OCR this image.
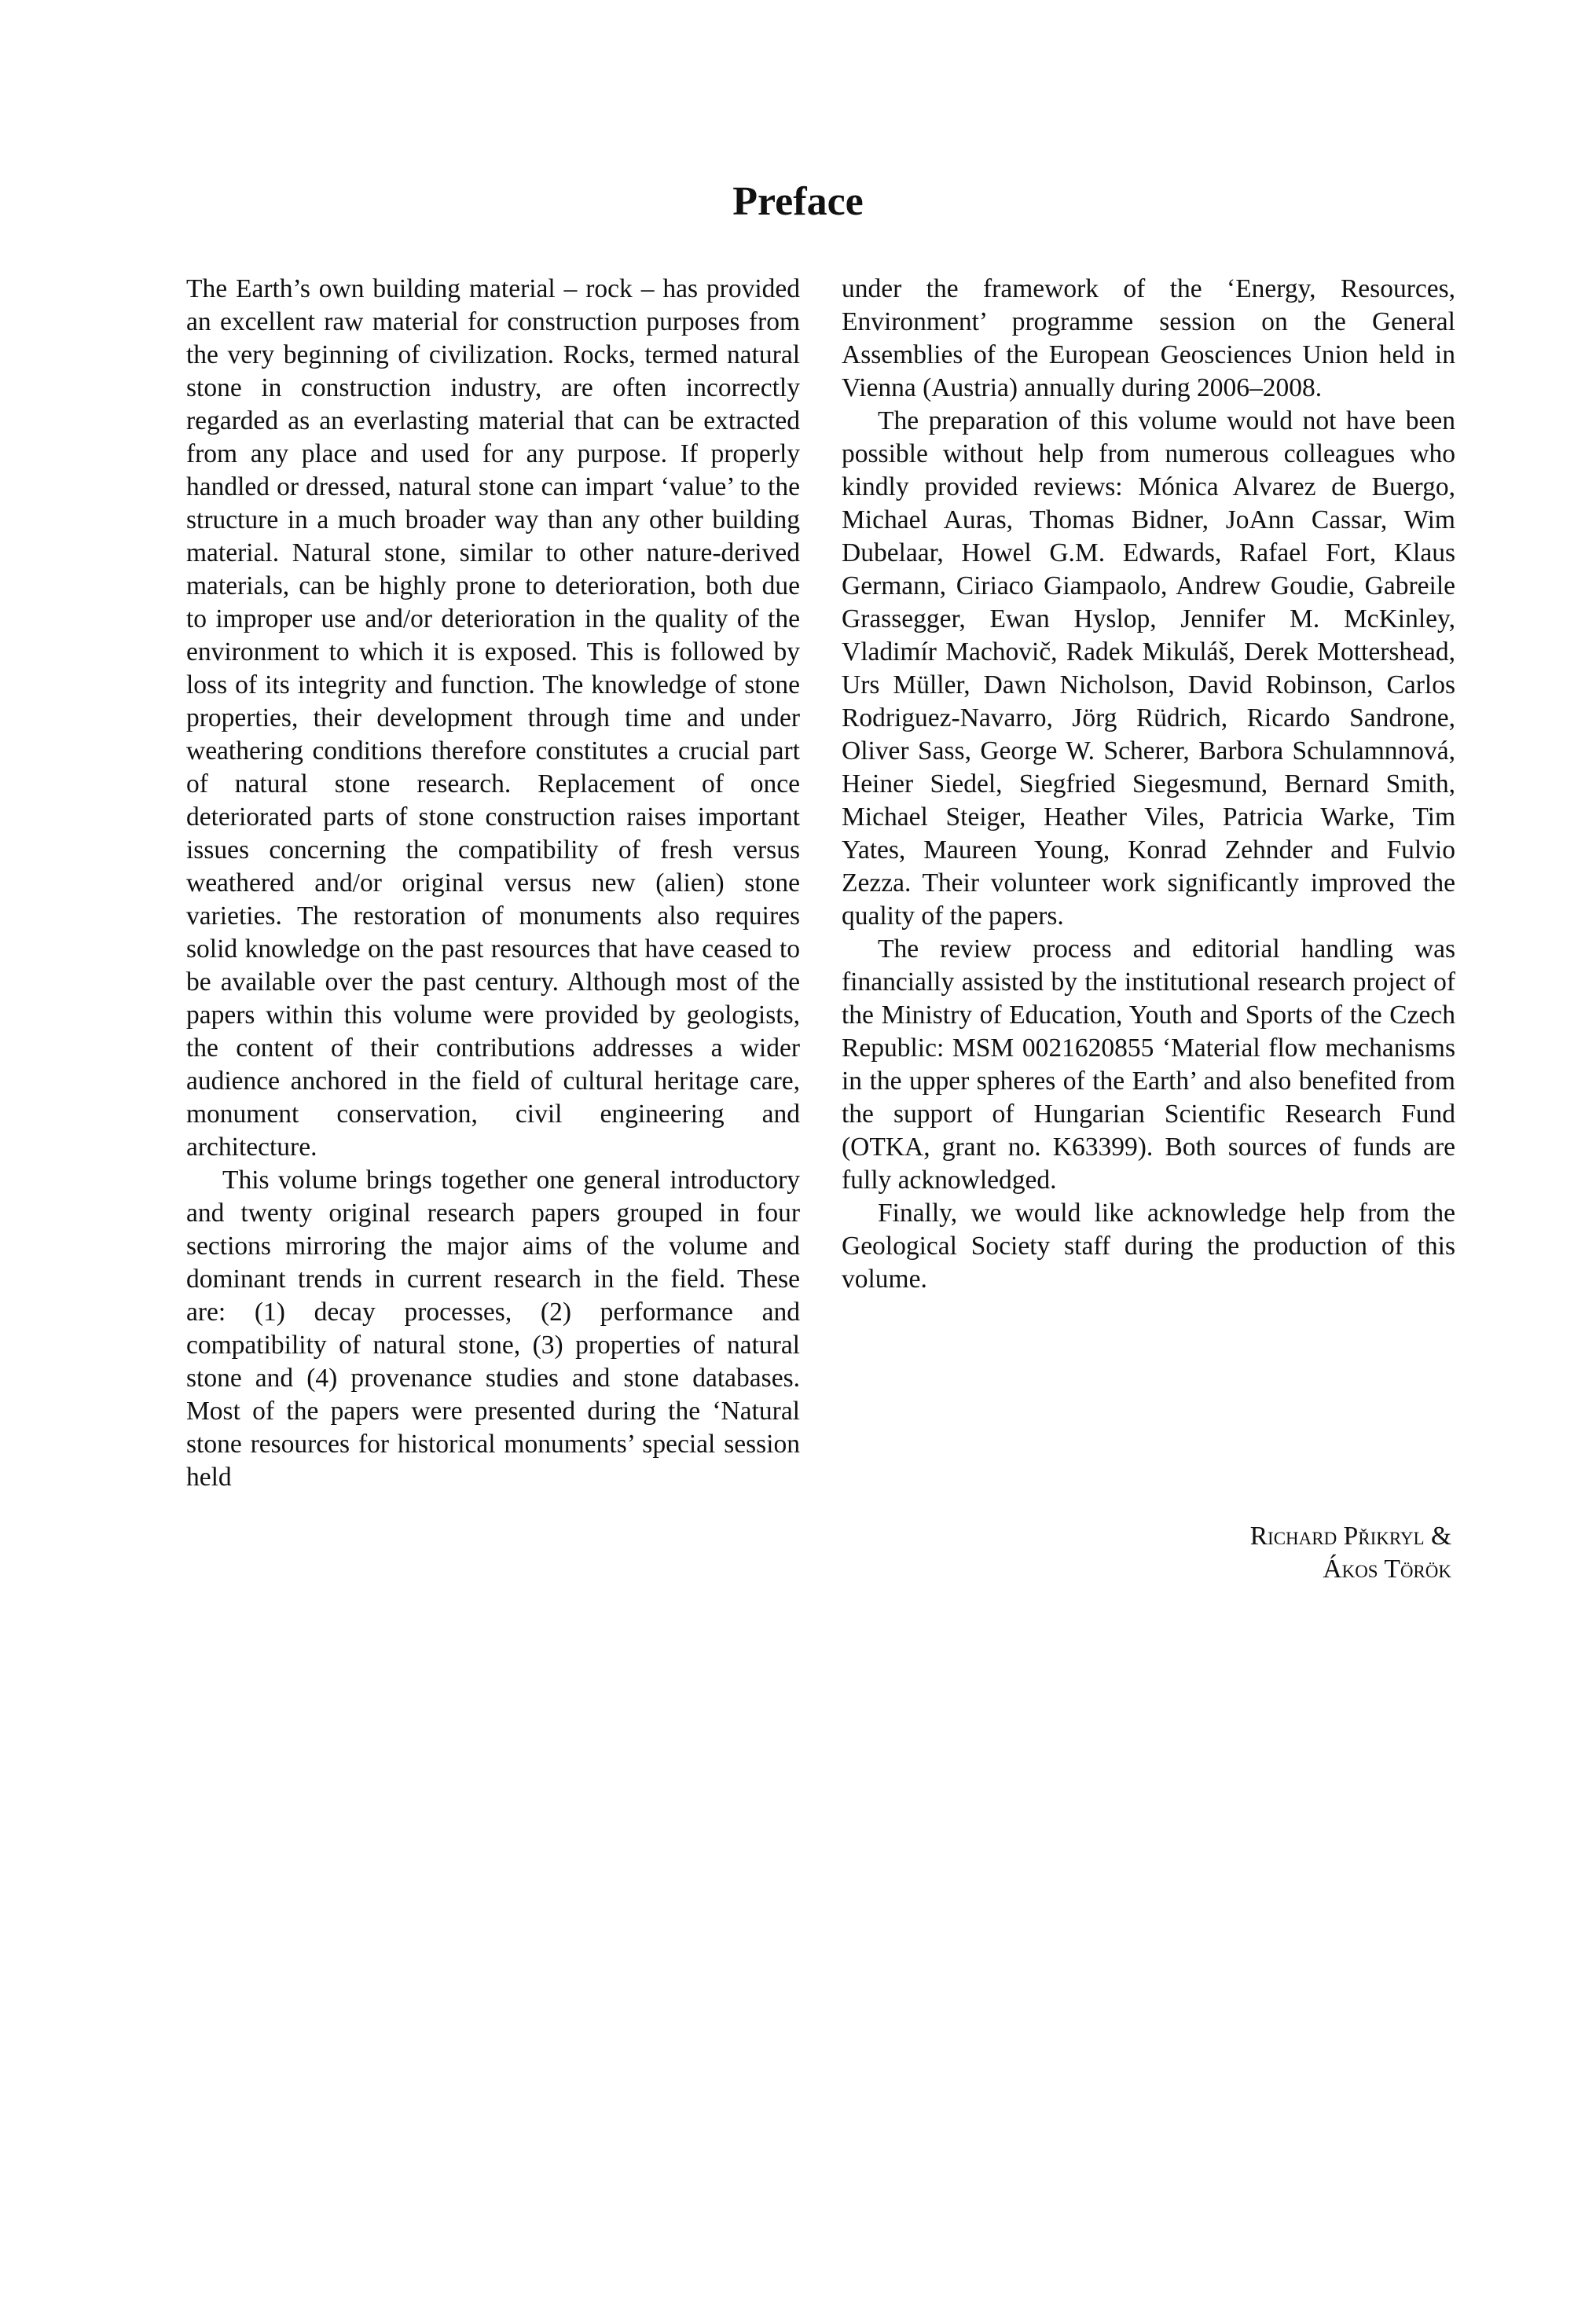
Preface

The Earth’s own building material – rock – has provided an excellent raw material for construction purposes from the very beginning of civilization. Rocks, termed natural stone in construction industry, are often incorrectly regarded as an everlasting material that can be extracted from any place and used for any purpose. If properly handled or dressed, natural stone can impart ‘value’ to the structure in a much broader way than any other building material. Natural stone, similar to other nature-derived materials, can be highly prone to deterioration, both due to improper use and/or deterioration in the quality of the environment to which it is exposed. This is followed by loss of its integrity and function. The knowledge of stone properties, their development through time and under weathering conditions therefore constitutes a crucial part of natural stone research. Replacement of once deteriorated parts of stone construction raises important issues concerning the compatibility of fresh versus weathered and/or original versus new (alien) stone varieties. The restoration of monuments also requires solid knowledge on the past resources that have ceased to be available over the past century. Although most of the papers within this volume were provided by geologists, the content of their contributions addresses a wider audience anchored in the field of cultural heritage care, monument conservation, civil engineering and architecture.

This volume brings together one general introductory and twenty original research papers grouped in four sections mirroring the major aims of the volume and dominant trends in current research in the field. These are: (1) decay processes, (2) performance and compatibility of natural stone, (3) properties of natural stone and (4) provenance studies and stone databases. Most of the papers were presented during the ‘Natural stone resources for historical monuments’ special session held

under the framework of the ‘Energy, Resources, Environment’ programme session on the General Assemblies of the European Geosciences Union held in Vienna (Austria) annually during 2006–2008.

The preparation of this volume would not have been possible without help from numerous colleagues who kindly provided reviews: Mónica Alvarez de Buergo, Michael Auras, Thomas Bidner, JoAnn Cassar, Wim Dubelaar, Howel G.M. Edwards, Rafael Fort, Klaus Germann, Ciriaco Giampaolo, Andrew Goudie, Gabreile Grassegger, Ewan Hyslop, Jennifer M. McKinley, Vladimír Machovič, Radek Mikuláš, Derek Mottershead, Urs Müller, Dawn Nicholson, David Robinson, Carlos Rodriguez-Navarro, Jörg Rüdrich, Ricardo Sandrone, Oliver Sass, George W. Scherer, Barbora Schulamnnová, Heiner Siedel, Siegfried Siegesmund, Bernard Smith, Michael Steiger, Heather Viles, Patricia Warke, Tim Yates, Maureen Young, Konrad Zehnder and Fulvio Zezza. Their volunteer work significantly improved the quality of the papers.

The review process and editorial handling was financially assisted by the institutional research project of the Ministry of Education, Youth and Sports of the Czech Republic: MSM 0021620855 ‘Material flow mechanisms in the upper spheres of the Earth’ and also benefited from the support of Hungarian Scientific Research Fund (OTKA, grant no. K63399). Both sources of funds are fully acknowledged.

Finally, we would like acknowledge help from the Geological Society staff during the production of this volume.

Richard Přikryl &
Ákos Török
